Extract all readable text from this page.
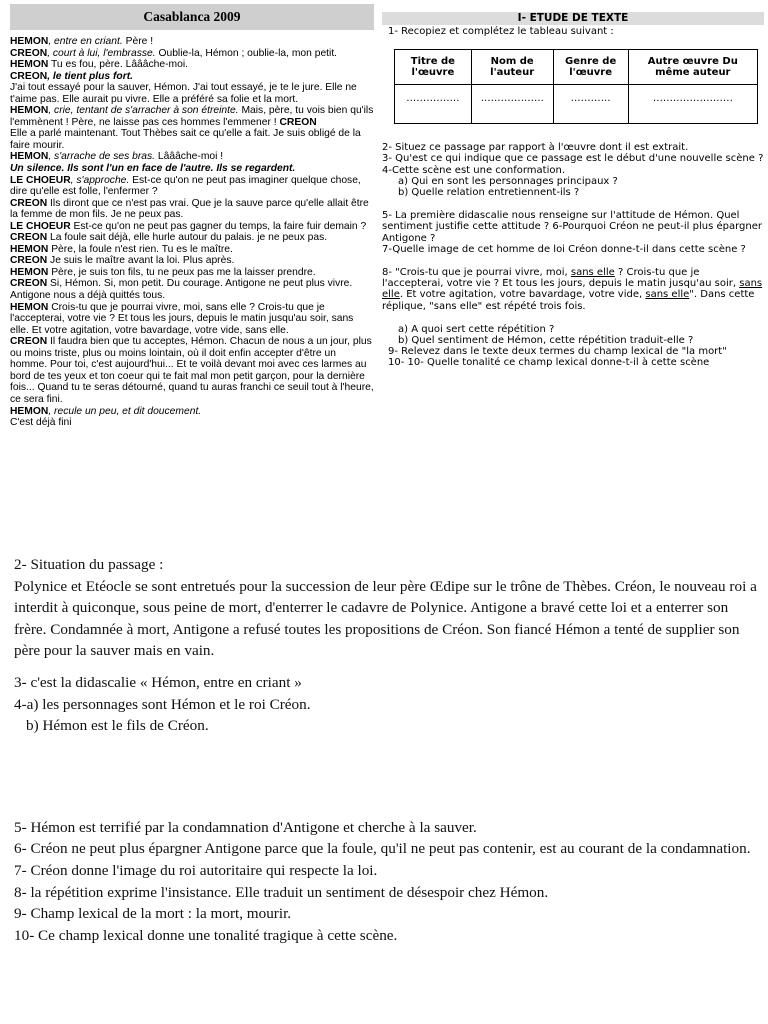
Casablanca 2009

HEMON, entre en criant. Père !

CREON, court à lui, l'embrasse. Oublie-la, Hémon ; oublie-la, mon petit.

HEMON Tu es fou, père. Lâââche-moi.

CREON, le tient plus fort.

J'ai tout essayé pour la sauver, Hémon. J'ai tout essayé, je te le jure. Elle ne t'aime pas. Elle aurait pu vivre. Elle a préféré sa folie et la mort.

HEMON, crie, tentant de s'arracher à son étreinte. Mais, père, tu vois bien qu'ils l'emmènent ! Père, ne laisse pas ces hommes l'emmener ! CREON

Elle a parlé maintenant. Tout Thèbes sait ce qu'elle a fait. Je suis obligé de la faire mourir.

HEMON, s'arrache de ses bras. Lâââche-moi !

Un silence. Ils sont l'un en face de l'autre. Ils se regardent.

LE CHOEUR, s'approche. Est-ce qu'on ne peut pas imaginer quelque chose, dire qu'elle est folle, l'enfermer ?

CREON Ils diront que ce n'est pas vrai. Que je la sauve parce qu'elle allait être la femme de mon fils. Je ne peux pas.

LE CHOEUR Est-ce qu'on ne peut pas gagner du temps, la faire fuir demain ?

CREON La foule sait déjà, elle hurle autour du palais. je ne peux pas.

HEMON Père, la foule n'est rien. Tu es le maître.

CREON Je suis le maître avant la loi. Plus après.

HEMON Père, je suis ton fils, tu ne peux pas me la laisser prendre.

CREON Si, Hémon. Si, mon petit. Du courage. Antigone ne peut plus vivre. Antigone nous a déjà quittés tous.

HEMON Crois-tu que je pourrai vivre, moi, sans elle ? Crois-tu que je l'accepterai, votre vie ? Et tous les jours, depuis le matin jusqu'au soir, sans elle. Et votre agitation, votre bavardage, votre vide, sans elle.

CREON Il faudra bien que tu acceptes, Hémon. Chacun de nous a un jour, plus ou moins triste, plus ou moins lointain, où il doit enfin accepter d'être un homme. Pour toi, c'est aujourd'hui... Et te voilà devant moi avec ces larmes au bord de tes yeux et ton coeur qui te fait mal mon petit garçon, pour la dernière fois... Quand tu te seras détourné, quand tu auras franchi ce seuil tout à l'heure, ce sera fini.

HEMON, recule un peu, et dit doucement.

C'est déjà fini

I- ETUDE DE TEXTE

1- Recopiez et complétez le tableau suivant :

Titre de l'œuvre	Nom de l'auteur	Genre de l'œuvre	Autre œuvre Du même auteur
…………….	……………….	…………	……………………

2- Situez ce passage par rapport à l'œuvre dont il est extrait.

3- Qu'est ce qui indique que ce passage est le début d'une nouvelle scène ? 4-Cette scène est une conformation.

a) Qui en sont les personnages principaux ?

b) Quelle relation entretiennent-ils ?

5- La première didascalie nous renseigne sur l'attitude de Hémon. Quel sentiment justifie cette attitude ? 6-Pourquoi Créon ne peut-il plus épargner Antigone ?

7-Quelle image de cet homme de loi Créon donne-t-il dans cette scène ?

8- "Crois-tu que je pourrai vivre, moi, sans elle ? Crois-tu que je l'accepterai, votre vie ? Et tous les jours, depuis le matin jusqu'au soir, sans elle. Et votre agitation, votre bavardage, votre vide, sans elle". Dans cette réplique, "sans elle" est répété trois fois.

a) A quoi sert cette répétition ?

b) Quel sentiment de Hémon, cette répétition traduit-elle ?

9- Relevez dans le texte deux termes du champ lexical de "la mort"

10- 10- Quelle tonalité ce champ lexical donne-t-il à cette scène

2- Situation du passage :

Polynice et Etéocle se sont entretués pour la succession de leur père Œdipe sur le trône de Thèbes. Créon, le nouveau roi a interdit à quiconque, sous peine de mort, d'enterrer le cadavre de Polynice. Antigone a bravé cette loi et a enterrer son frère. Condamnée à mort, Antigone a refusé toutes les propositions de Créon. Son fiancé Hémon a tenté de supplier son père pour la sauver mais en vain.

3- c'est la didascalie « Hémon, entre en criant »

4-a) les personnages sont Hémon et le roi Créon.

b) Hémon est le fils de Créon.

5- Hémon est terrifié par la condamnation d'Antigone et cherche à la sauver.

6- Créon ne peut plus épargner Antigone parce que la foule, qu'il ne peut pas contenir, est au courant de la condamnation.

7- Créon donne l'image du roi autoritaire qui respecte la loi.

8- la répétition exprime l'insistance. Elle traduit un sentiment de désespoir chez Hémon.

9- Champ lexical de la mort : la mort, mourir.

10- Ce champ lexical donne une tonalité tragique à cette scène.
